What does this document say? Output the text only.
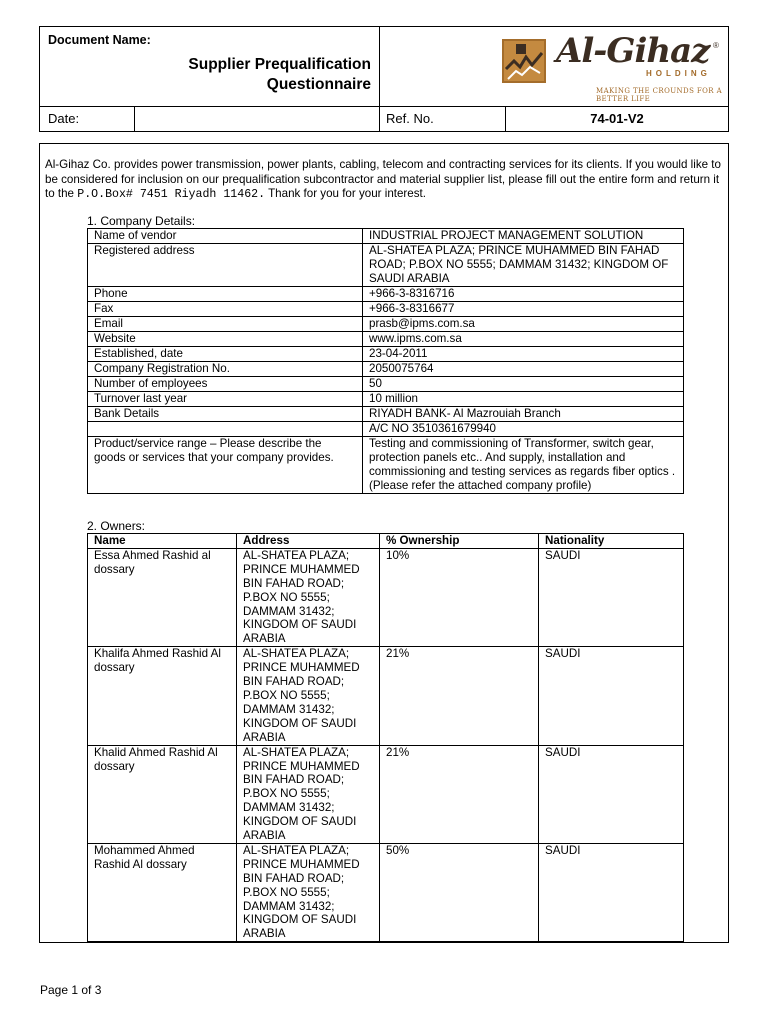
Document Name:
Supplier Prequalification
Questionnaire
Date:	Ref. No.	74-01-V2
Al-Gihaz ®
HOLDING
MAKING THE CROUNDS FOR A BETTER LIFE
Al-Gihaz Co. provides power transmission, power plants, cabling, telecom and contracting services for its clients. If you would like to be considered for inclusion on our prequalification subcontractor and material supplier list, please fill out the entire form and return it to the P.O.Box# 7451 Riyadh 11462. Thank for you for your interest.
1. Company Details:
Name of vendor	INDUSTRIAL PROJECT MANAGEMENT SOLUTION
Registered address	AL-SHATEA PLAZA; PRINCE MUHAMMED BIN FAHAD ROAD; P.BOX NO 5555; DAMMAM 31432; KINGDOM OF SAUDI ARABIA
Phone	+966-3-8316716
Fax	+966-3-8316677
Email	prasb@ipms.com.sa
Website	www.ipms.com.sa
Established, date	23-04-2011
Company Registration No.	2050075764
Number of employees	50
Turnover last year	10 million
Bank Details	RIYADH BANK- Al Mazrouiah Branch
	A/C NO 3510361679940
Product/service range – Please describe the goods or services that your company provides.	Testing and commissioning of Transformer, switch gear, protection panels etc.. And supply, installation and commissioning and testing services as regards fiber optics .(Please refer the attached company profile)
2. Owners:
Name	Address	% Ownership	Nationality
Essa Ahmed Rashid al dossary	AL-SHATEA PLAZA; PRINCE MUHAMMED BIN FAHAD ROAD; P.BOX NO 5555; DAMMAM 31432; KINGDOM OF SAUDI ARABIA	10%	SAUDI
Khalifa Ahmed Rashid Al dossary	AL-SHATEA PLAZA; PRINCE MUHAMMED BIN FAHAD ROAD; P.BOX NO 5555; DAMMAM 31432; KINGDOM OF SAUDI ARABIA	21%	SAUDI
Khalid Ahmed Rashid Al dossary	AL-SHATEA PLAZA; PRINCE MUHAMMED BIN FAHAD ROAD; P.BOX NO 5555; DAMMAM 31432; KINGDOM OF SAUDI ARABIA	21%	SAUDI
Mohammed Ahmed Rashid Al dossary	AL-SHATEA PLAZA; PRINCE MUHAMMED BIN FAHAD ROAD; P.BOX NO 5555; DAMMAM 31432; KINGDOM OF SAUDI ARABIA	50%	SAUDI
Page 1 of 3
